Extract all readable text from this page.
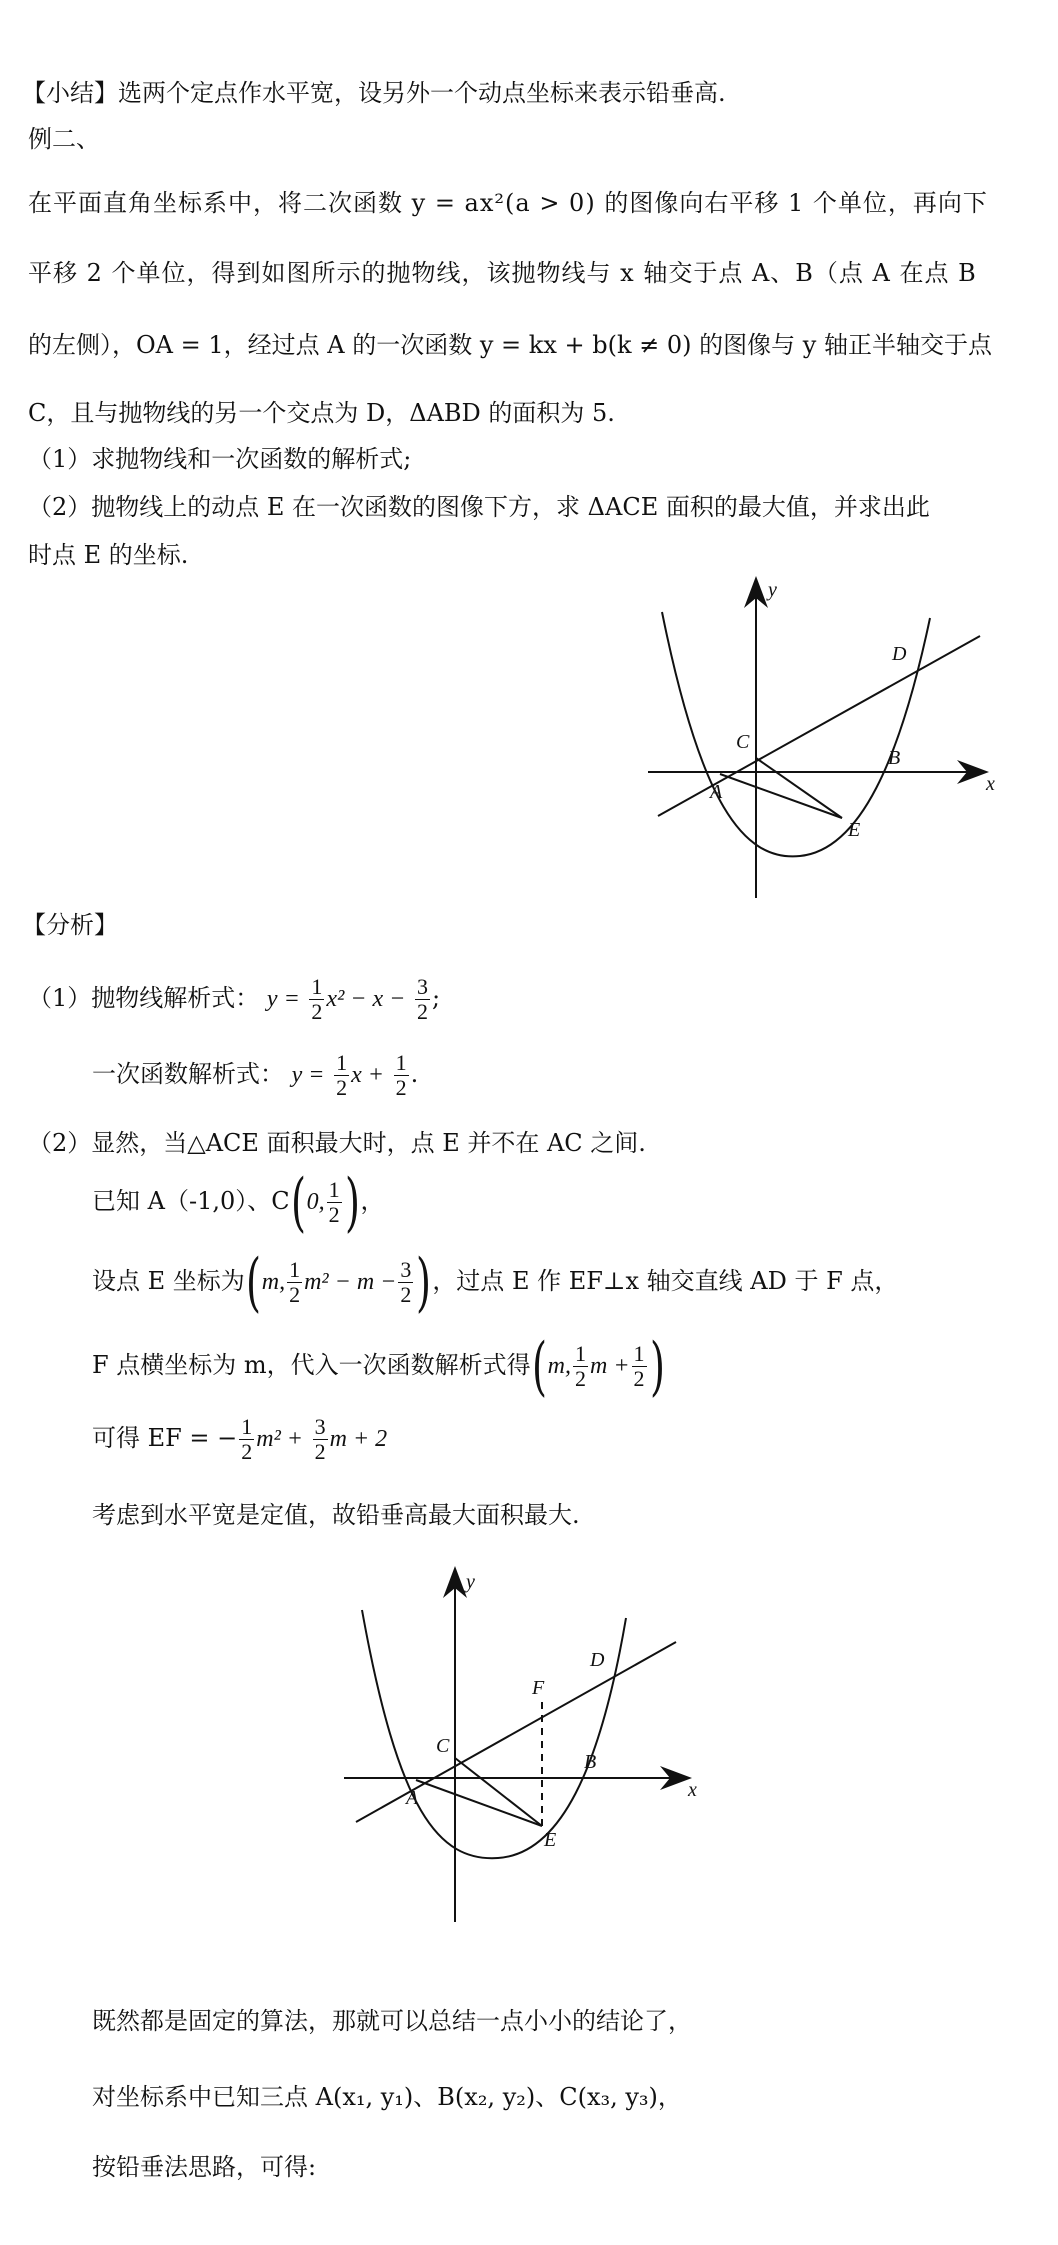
【小结】选两个定点作水平宽，设另外一个动点坐标来表示铅垂高.
例二、
在平面直角坐标系中，将二次函数 y = ax²(a > 0) 的图像向右平移 1 个单位，再向下
平移 2 个单位，得到如图所示的抛物线，该抛物线与 x 轴交于点 A、B（点 A 在点 B
的左侧），OA = 1，经过点 A 的一次函数 y = kx + b(k ≠ 0) 的图像与 y 轴正半轴交于点
C，且与抛物线的另一个交点为 D，ΔABD 的面积为 5.
（1）求抛物线和一次函数的解析式;
（2）抛物线上的动点 E 在一次函数的图像下方，求 ΔACE 面积的最大值，并求出此
时点 E 的坐标.
y
x
A
B
C
D
E
【分析】
（1）抛物线解析式： $y = \frac{1}{2} x^2 - x - \frac{3}{2}$ ;
一次函数解析式： $y = \frac{1}{2}$ $x + \frac{1}{2}$ .
（2）显然，当△ACE 面积最大时，点 E 并不在 AC 之间.
已知 A（-1,0）、C(0, $\frac{1}{2}$ )，
设点 E 坐标为(m, $\frac{1}{2} m^2 - m - \frac{3}{2}$ )，过点 E 作 EF⊥x 轴交直线 AD 于 F 点，
F 点横坐标为 m，代入一次函数解析式得(m, $\frac{1}{2}$ $m + \frac{1}{2}$ )
可得 EF = − $\frac{1}{2} m^2 + \frac{3}{2}$ m + 2
考虑到水平宽是定值，故铅垂高最大面积最大.
y
x
A
B
C
D
E
F
既然都是固定的算法，那就可以总结一点小小的结论了，
对坐标系中已知三点 A(x₁, y₁)、B(x₂, y₂)、C(x₃, y₃)，
按铅垂法思路，可得:
